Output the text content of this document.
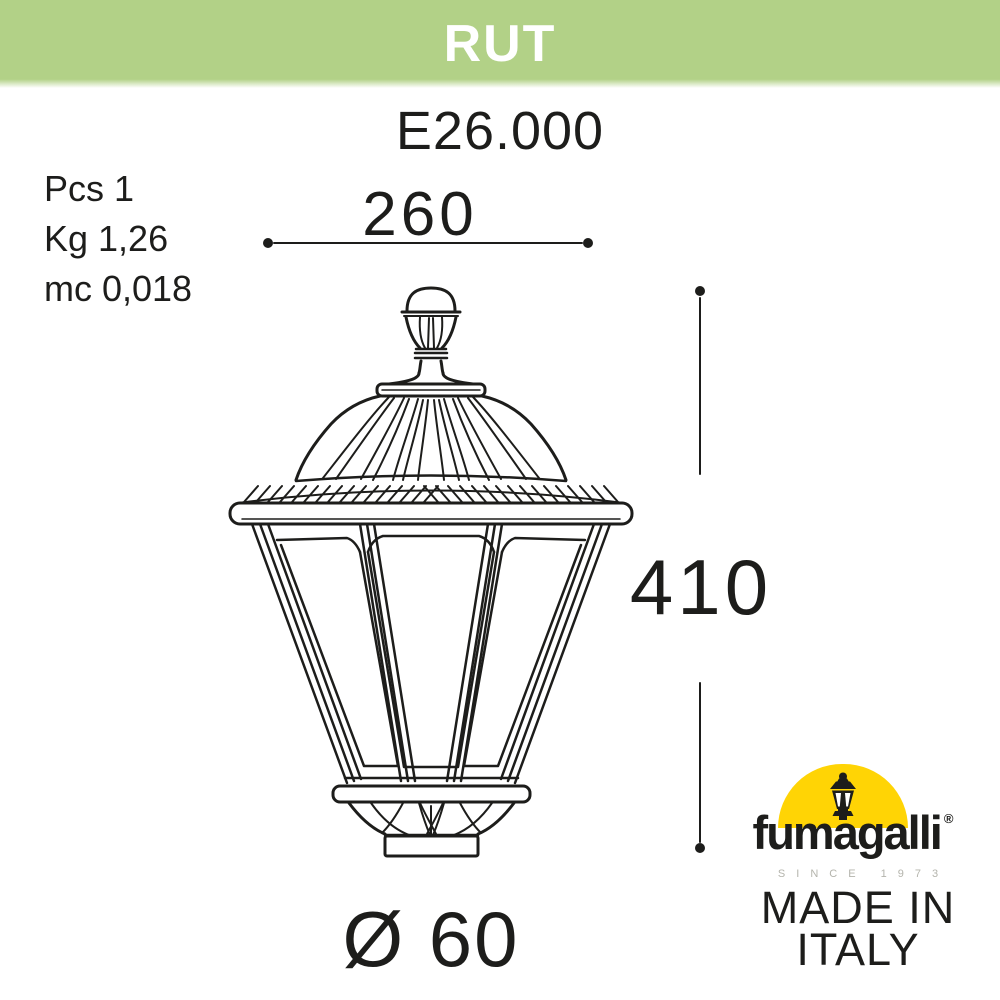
RUT
E26.000
Pcs 1
Kg 1,26
mc 0,018
260
410
Ø 60
fumagalli ®
SINCE 1973
MADE IN
ITALY
